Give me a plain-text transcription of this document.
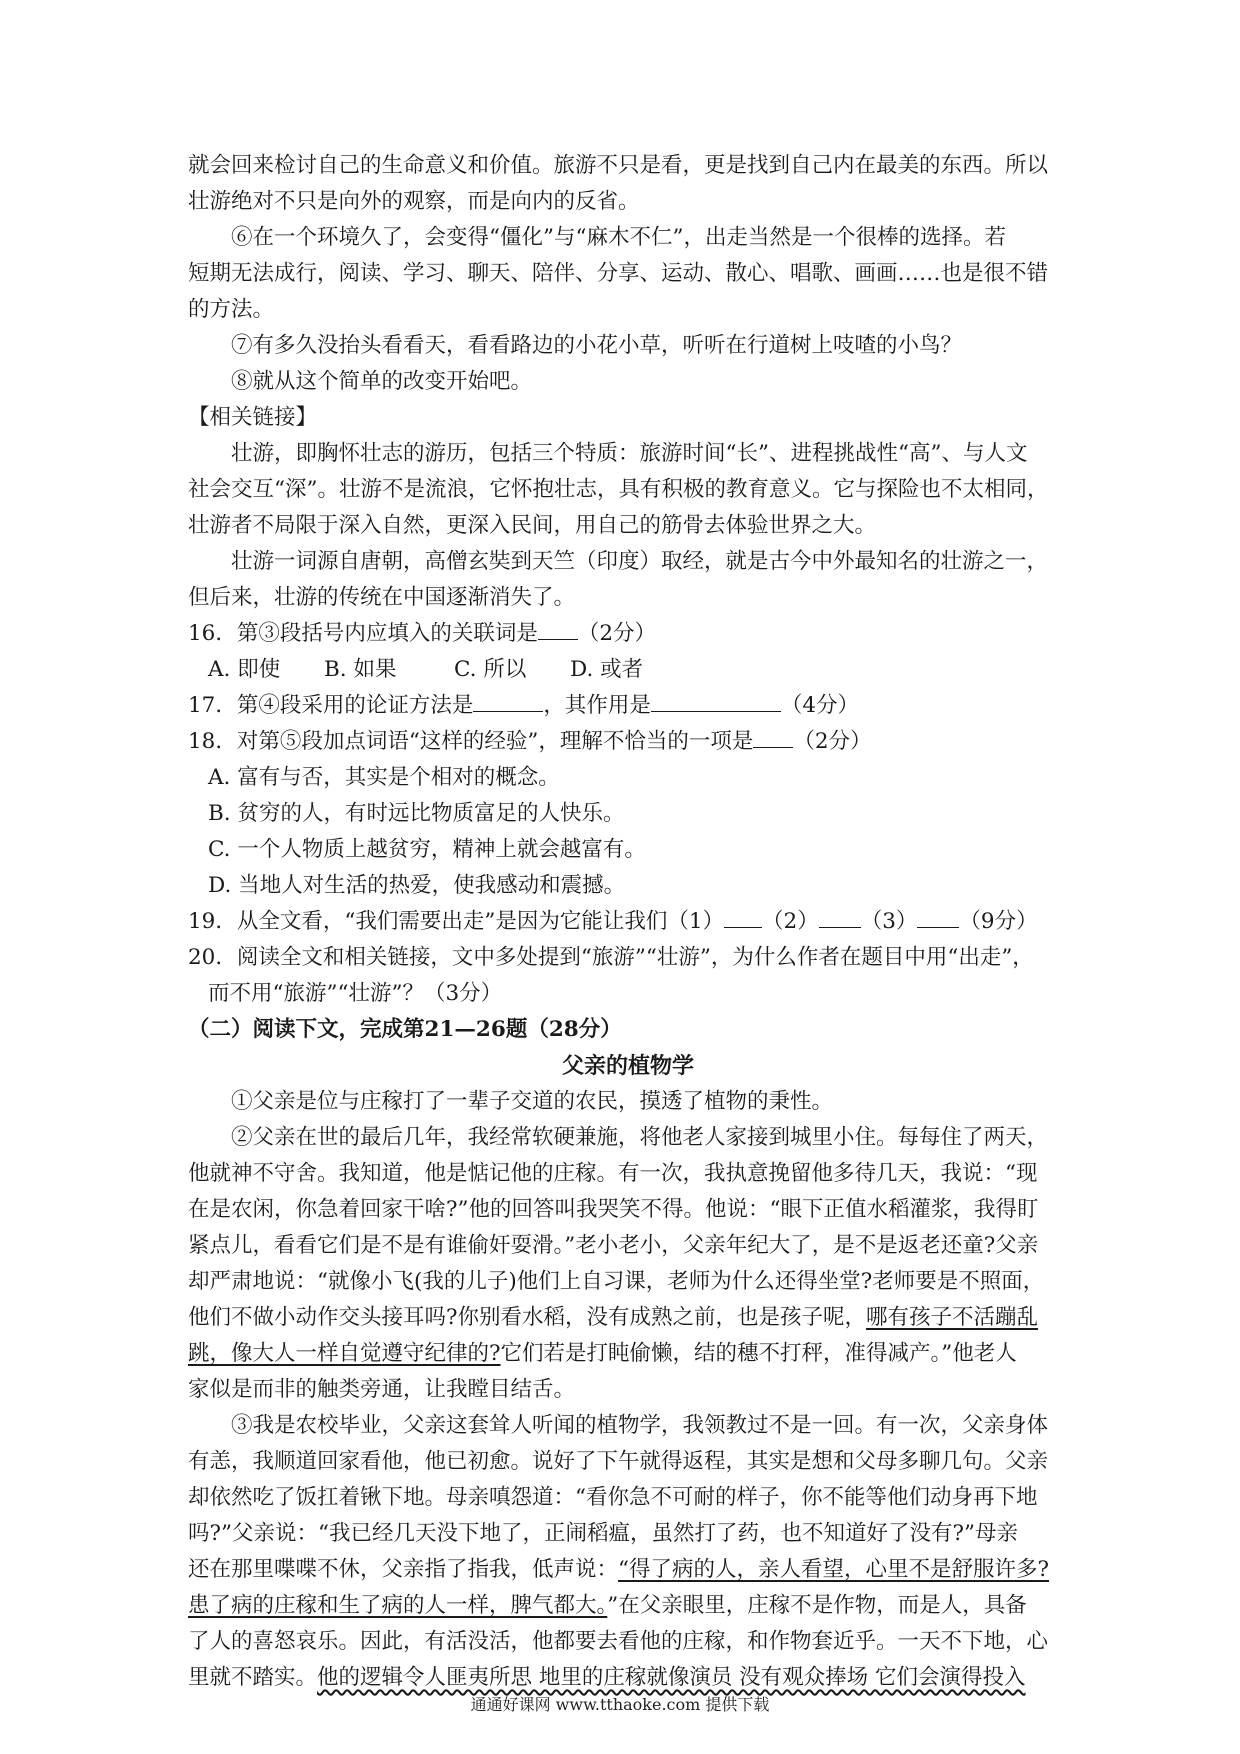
就会回来检讨自己的生命意义和价值。旅游不只是看，更是找到自己内在最美的东西。所以
壮游绝对不只是向外的观察，而是向内的反省。
⑥在一个环境久了，会变得“僵化”与“麻木不仁”，出走当然是一个很棒的选择。若
短期无法成行，阅读、学习、聊天、陪伴、分享、运动、散心、唱歌、画画……也是很不错
的方法。
⑦有多久没抬头看看天，看看路边的小花小草，听听在行道树上吱喳的小鸟？
⑧就从这个简单的改变开始吧。
【相关链接】
壮游，即胸怀壮志的游历，包括三个特质：旅游时间“长”、进程挑战性“高”、与人文
社会交互“深”。壮游不是流浪，它怀抱壮志，具有积极的教育意义。它与探险也不太相同，
壮游者不局限于深入自然，更深入民间，用自己的筋骨去体验世界之大。
壮游一词源自唐朝，高僧玄奘到天竺（印度）取经，就是古今中外最知名的壮游之一，
但后来，壮游的传统在中国逐渐消失了。
16．第③段括号内应填入的关联词是 （2分）
A. 即使 B. 如果	C. 所以 D. 或者
17．第④段采用的论证方法是	，其作用是	（4分）
18．对第⑤段加点词语“这样的经验”，理解不恰当的一项是 （2分）
A. 富有与否，其实是个相对的概念。
B. 贫穷的人，有时远比物质富足的人快乐。
C. 一个人物质上越贫穷，精神上就会越富有。
D. 当地人对生活的热爱，使我感动和震撼。
19．从全文看，“我们需要出走”是因为它能让我们（1） （2） （3） （9分）
20．阅读全文和相关链接，文中多处提到“旅游”“壮游”，为什么作者在题目中用“出走”，
而不用“旅游”“壮游”？（3分）
（二）阅读下文，完成第21—26题（28分）
父亲的植物学
①父亲是位与庄稼打了一辈子交道的农民，摸透了植物的秉性。
②父亲在世的最后几年，我经常软硬兼施，将他老人家接到城里小住。每每住了两天，
他就神不守舍。我知道，他是惦记他的庄稼。有一次，我执意挽留他多待几天，我说：“现
在是农闲，你急着回家干啥?”他的回答叫我哭笑不得。他说：“眼下正值水稻灌浆，我得盯
紧点儿，看看它们是不是有谁偷奸耍滑。”老小老小，父亲年纪大了，是不是返老还童?父亲
却严肃地说：“就像小飞(我的儿子)他们上自习课，老师为什么还得坐堂?老师要是不照面，
他们不做小动作交头接耳吗?你别看水稻，没有成熟之前，也是孩子呢，哪有孩子不活蹦乱
跳，像大人一样自觉遵守纪律的?它们若是打盹偷懒，结的穗不打秤，准得减产。”他老人
家似是而非的触类旁通，让我瞠目结舌。
③我是农校毕业，父亲这套耸人听闻的植物学，我领教过不是一回。有一次，父亲身体
有恙，我顺道回家看他，他已初愈。说好了下午就得返程，其实是想和父母多聊几句。父亲
却依然吃了饭扛着锹下地。母亲嗔怨道：“看你急不可耐的样子，你不能等他们动身再下地
吗?”父亲说：“我已经几天没下地了，正闹稻瘟，虽然打了药，也不知道好了没有?”母亲
还在那里喋喋不休，父亲指了指我，低声说：“得了病的人，亲人看望，心里不是舒服许多?
患了病的庄稼和生了病的人一样，脾气都大。”在父亲眼里，庄稼不是作物，而是人，具备
了人的喜怒哀乐。因此，有活没活，他都要去看他的庄稼，和作物套近乎。一天不下地，心
里就不踏实。他的逻辑令人匪夷所思 地里的庄稼就像演员 没有观众捧场 它们会演得投入
通通好课网 www.tthaoke.com 提供下载
